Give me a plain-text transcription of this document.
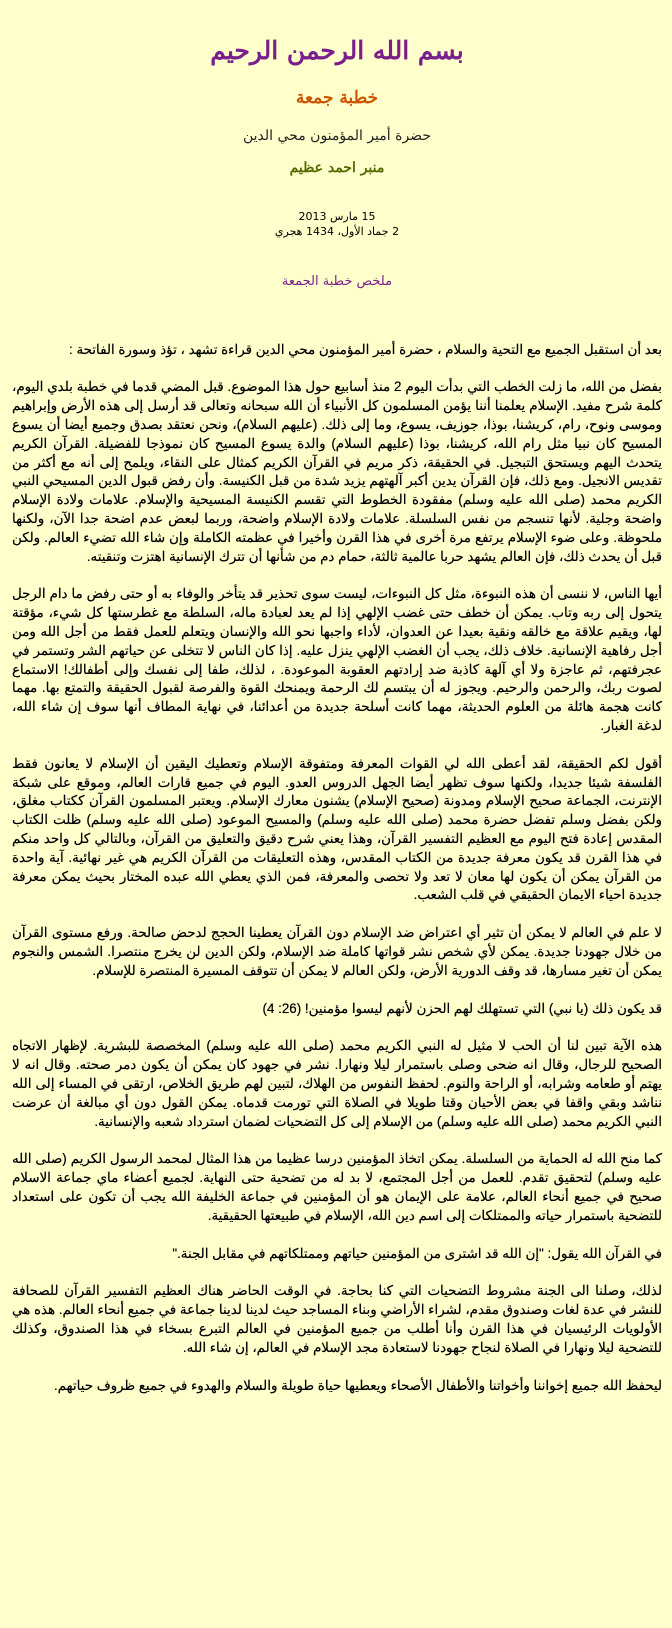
بسم الله الرحمن الرحيم
خطبة جمعة
حضرة أمير المؤمنون محي الدين
منبر احمد عظيم
15 مارس 2013
2 جماد الأول، 1434 هجري
ملخص خطبة الجمعة

بعد أن استقبل الجميع مع التحية والسلام ، حضرة أمير المؤمنون محي الدين قراءة تشهد ، تؤذ وسورة الفاتحة :

بفضل من الله، ما زلت الخطب التي بدأت اليوم 2 منذ أسابيع حول هذا الموضوع. قبل المضي قدما في خطبة بلدي اليوم، كلمة شرح مفيد. الإسلام يعلمنا أننا يؤمن المسلمون كل الأنبياء أن الله سبحانه وتعالى قد أرسل إلى هذه الأرض وإبراهيم وموسى ونوح، رام، كريشنا، بوذا، جوزيف، يسوع، وما إلى ذلك. (عليهم السلام)، ونحن نعتقد بصدق وجميع أيضا أن يسوع المسيح كان نبيا مثل رام الله، كريشنا، بوذا (عليهم السلام) والدة يسوع المسيح كان نموذجا للفضيلة. القرآن الكريم يتحدث اليهم ويستحق التبجيل. في الحقيقة، ذكر مريم في القرآن الكريم كمثال على النقاء، ويلمح إلى أنه مع أكثر من تقديس الانجيل. ومع ذلك، فإن القرآن يدين أكبر آلهتهم يزيد شدة من قبل الكنيسة. وأن رفض قبول الدين المسيحي النبي الكريم محمد (صلى الله عليه وسلم) مفقودة الخطوط التي تقسم الكنيسة المسيحية والإسلام. علامات ولادة الإسلام واضحة وجلية. لأنها تنسجم من نفس السلسلة. علامات ولادة الإسلام واضحة، وربما لبعض عدم اضحة جدا الآن، ولكنها ملحوظة. وعلى ضوء الإسلام يرتفع مرة أخرى في هذا القرن وأخيرا في عظمته الكاملة وإن شاء الله تضيء العالم. ولكن قبل أن يحدث ذلك، فإن العالم يشهد حربا عالمية ثالثة، حمام دم من شأنها أن تترك الإنسانية اهتزت وتنقيته.

أيها الناس، لا ننسى أن هذه النبوءة، مثل كل النبوءات، ليست سوى تحذير قد يتأخر والوفاء به أو حتى رفض ما دام الرجل يتحول إلى ربه وتاب. يمكن أن خطف حتى غضب الإلهي إذا لم يعد لعبادة ماله، السلطة مع غطرستها كل شيء، مؤقتة لها، ويقيم علاقة مع خالقه ونقية بعيدا عن العدوان، لأداء واجبها نحو الله والإنسان ويتعلم للعمل فقط من أجل الله ومن أجل رفاهية الإنسانية. خلاف ذلك، يجب أن الغضب الإلهي ينزل عليه. إذا كان الناس لا تتخلى عن حياتهم الشر وتستمر في عجرفتهم، ثم عاجزة ولا أي آلهة كاذبة ضد إرادتهم العقوبة الموعودة. ، لذلك، طفا إلى نفسك وإلى أطفالك! الاستماع لصوت ربك، والرحمن والرحيم. ويجوز له أن يبتسم لك الرحمة ويمنحك القوة والفرصة لقبول الحقيقة والتمتع بها. مهما كانت هجمة هائلة من العلوم الحديثة، مهما كانت أسلحة جديدة من أعدائنا، في نهاية المطاف أنها سوف إن شاء الله، لدغة الغبار.

أقول لكم الحقيقة، لقد أعطى الله لي القوات المعرفة ومتفوقة الإسلام وتعطيك اليقين أن الإسلام لا يعانون فقط الفلسفة شيئا جديدا، ولكنها سوف تظهر أيضا الجهل الدروس العدو. اليوم في جميع قارات العالم، وموقع على شبكة الإنترنت، الجماعة صحيح الإسلام ومدونة (صحيح الإسلام) يشنون معارك الإسلام. ويعتبر المسلمون القرآن ككتاب مغلق، ولكن بفضل وسلم تفضل حضرة محمد (صلى الله عليه وسلم) والمسيح الموعود (صلى الله عليه وسلم) ظلت الكتاب المقدس إعادة فتح اليوم مع العظيم التفسير القرآن، وهذا يعني شرح دقيق والتعليق من القرآن، وبالتالي كل واحد منكم في هذا القرن قد يكون معرفة جديدة من الكتاب المقدس، وهذه التعليقات من القرآن الكريم هي غير نهائية. آية واحدة من القرآن يمكن أن يكون لها معان لا تعد ولا تحصى والمعرفة، فمن الذي يعطي الله عبده المختار بحيث يمكن معرفة جديدة احياء الايمان الحقيقي في قلب الشعب.

لا علم في العالم لا يمكن أن تثير أي اعتراض ضد الإسلام دون القرآن يعطينا الحجج لدحض صالحة. ورفع مستوى القرآن من خلال جهودنا جديدة. يمكن لأي شخص نشر قواتها كاملة ضد الإسلام، ولكن الدين لن يخرج منتصرا. الشمس والنجوم يمكن أن تغير مسارها، قد وقف الدورية الأرض، ولكن العالم لا يمكن أن تتوقف المسيرة المنتصرة للإسلام.

قد يكون ذلك (يا نبي) التي تستهلك لهم الحزن لأنهم ليسوا مؤمنين! (26: 4)

هذه الآية تبين لنا أن الحب لا مثيل له النبي الكريم محمد (صلى الله عليه وسلم) المخصصة للبشرية. لإظهار الاتجاه الصحيح للرجال، وقال انه ضحى وصلى باستمرار ليلا ونهارا. نشر في جهود كان يمكن أن يكون دمر صحته. وقال انه لا يهتم أو طعامه وشرابه، أو الراحة والنوم. لحفظ النفوس من الهلاك، لتبين لهم طريق الخلاص، ارتقى في المساء إلى الله نناشد وبقي واقفا في بعض الأحيان وقتا طويلا في الصلاة التي تورمت قدماه. يمكن القول دون أي مبالغة أن عرضت النبي الكريم محمد (صلى الله عليه وسلم) من الإسلام إلى كل التضحيات لضمان استرداد شعبه والإنسانية.

كما منح الله له الحماية من السلسلة. يمكن اتخاذ المؤمنين درسا عظيما من هذا المثال لمحمد الرسول الكريم (صلى الله عليه وسلم) لتحقيق تقدم. للعمل من أجل المجتمع، لا بد له من تضحية حتى النهاية. لجميع أعضاء ماي جماعة الاسلام صحيح في جميع أنحاء العالم، علامة على الإيمان هو أن المؤمنين في جماعة الخليفة الله يجب أن تكون على استعداد للتضحية باستمرار حياته والممتلكات إلى اسم دين الله، الإسلام في طبيعتها الحقيقية.

في القرآن الله يقول: "إن الله قد اشترى من المؤمنين حياتهم وممتلكاتهم في مقابل الجنة."

لذلك، وصلنا الى الجنة مشروط التضحيات التي كنا بحاجة. في الوقت الحاضر هناك العظيم التفسير القرآن للصحافة للنشر في عدة لغات وصندوق مقدم، لشراء الأراضي وبناء المساجد حيث لدينا لدينا جماعة في جميع أنحاء العالم. هذه هي الأولويات الرئيسيان في هذا القرن وأنا أطلب من جميع المؤمنين في العالم التبرع بسخاء في هذا الصندوق، وكذلك للتضحية ليلا ونهارا في الصلاة لنجاح جهودنا لاستعادة مجد الإسلام في العالم، إن شاء الله.

ليحفظ الله جميع إخواننا وأخواتنا والأطفال الأصحاء ويعطيها حياة طويلة والسلام والهدوء في جميع ظروف حياتهم.
